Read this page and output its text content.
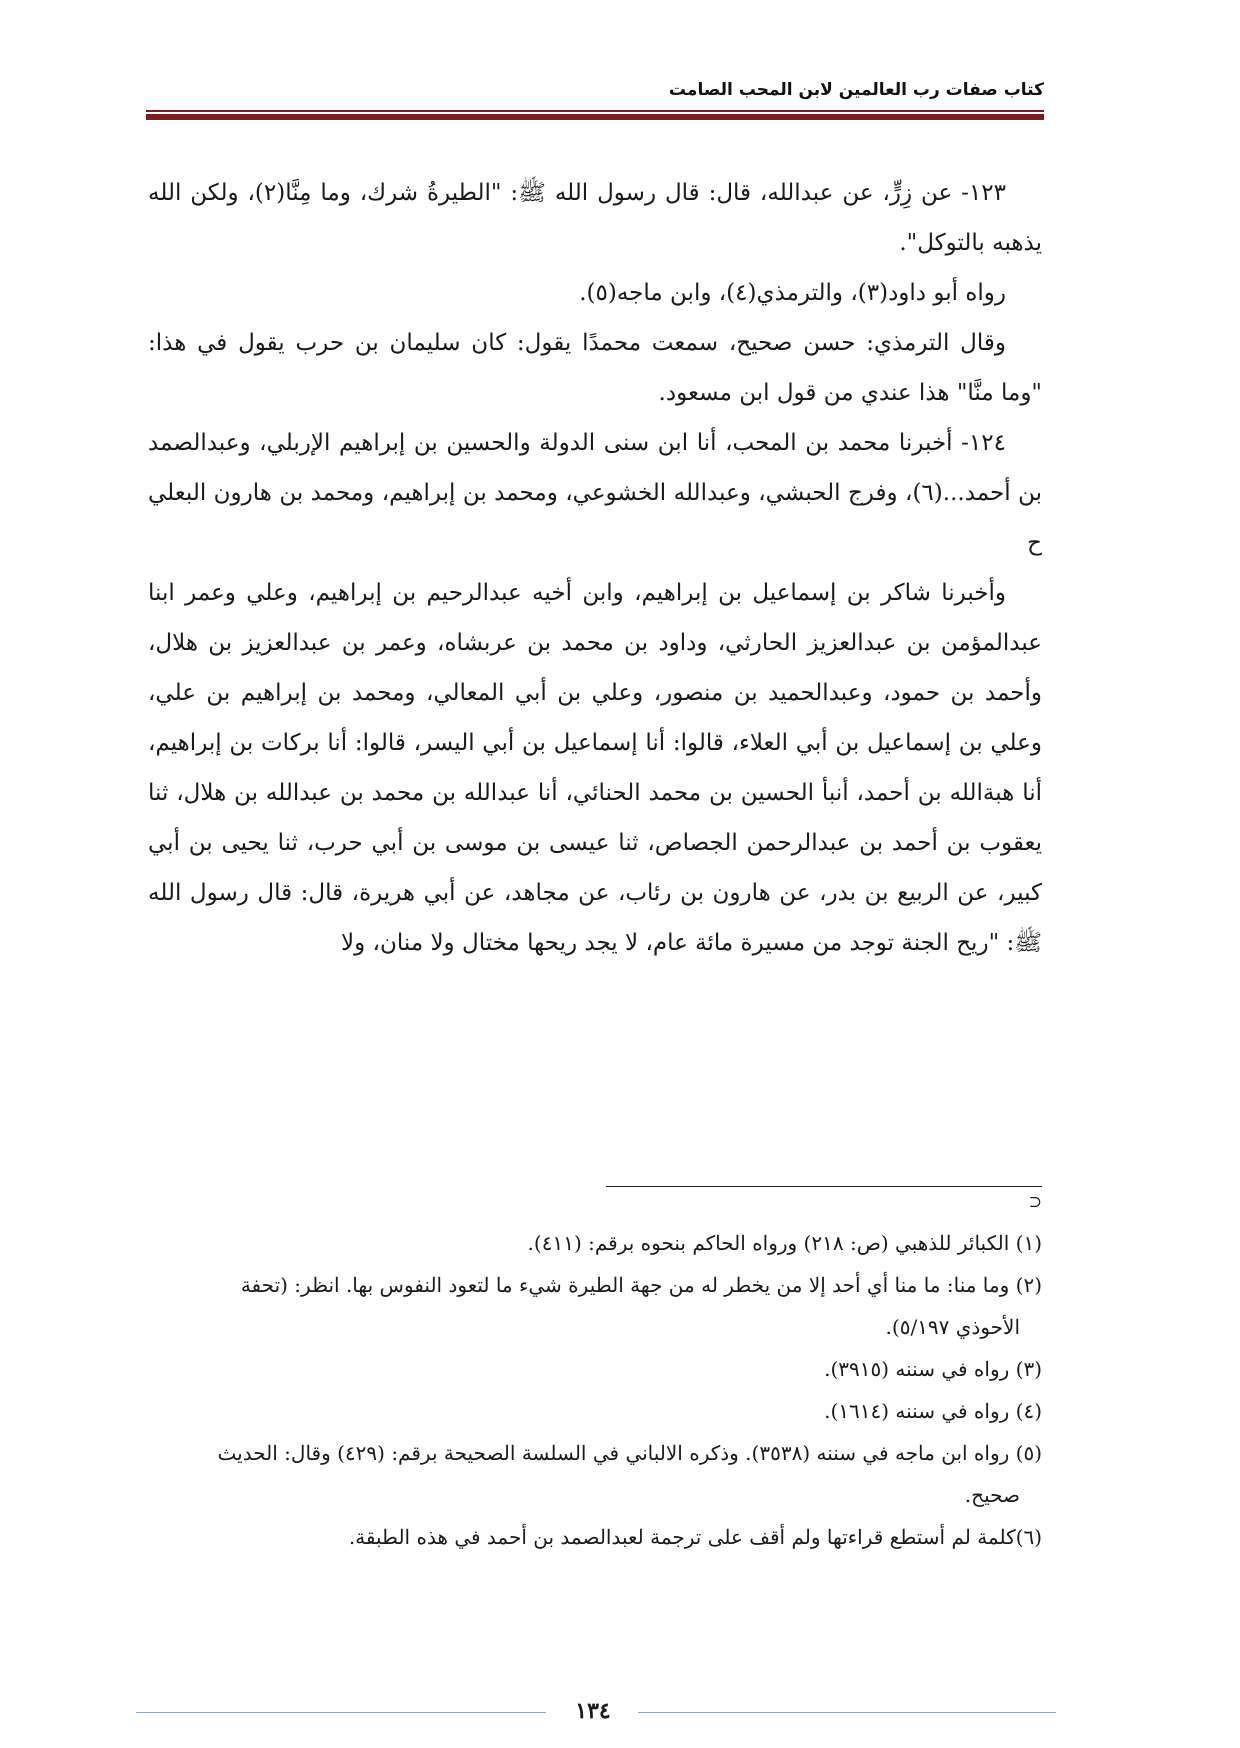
كتاب صفات رب العالمين لابن المحب الصامت

١٢٣- عن زِرٍّ، عن عبدالله، قال: قال رسول الله ﷺ: "الطيرةُ شرك، وما مِنَّا(٢)، ولكن الله يذهبه بالتوكل".

رواه أبو داود(٣)، والترمذي(٤)، وابن ماجه(٥).

وقال الترمذي: حسن صحيح، سمعت محمدًا يقول: كان سليمان بن حرب يقول في هذا: "وما منَّا" هذا عندي من قول ابن مسعود.

١٢٤- أخبرنا محمد بن المحب، أنا ابن سنى الدولة والحسين بن إبراهيم الإربلي، وعبدالصمد بن أحمد...(٦)، وفرج الحبشي، وعبدالله الخشوعي، ومحمد بن إبراهيم، ومحمد بن هارون البعلي ح

وأخبرنا شاكر بن إسماعيل بن إبراهيم، وابن أخيه عبدالرحيم بن إبراهيم، وعلي وعمر ابنا عبدالمؤمن بن عبدالعزيز الحارثي، وداود بن محمد بن عربشاه، وعمر بن عبدالعزيز بن هلال، وأحمد بن حمود، وعبدالحميد بن منصور، وعلي بن أبي المعالي، ومحمد بن إبراهيم بن علي، وعلي بن إسماعيل بن أبي العلاء، قالوا: أنا إسماعيل بن أبي اليسر، قالوا: أنا بركات بن إبراهيم، أنا هبةالله بن أحمد، أنبأ الحسين بن محمد الحنائي، أنا عبدالله بن محمد بن عبدالله بن هلال، ثنا يعقوب بن أحمد بن عبدالرحمن الجصاص، ثنا عيسى بن موسى بن أبي حرب، ثنا يحيى بن أبي كبير، عن الربيع بن بدر، عن هارون بن رئاب، عن مجاهد، عن أبي هريرة، قال: قال رسول الله ﷺ: "ريح الجنة توجد من مسيرة مائة عام، لا يجد ريحها مختال ولا منان، ولا

⊃

(١) الكبائر للذهبي (ص: ٢١٨) ورواه الحاكم بنحوه برقم: (٤١١).

(٢) وما منا: ما منا أي أحد إلا من يخطر له من جهة الطيرة شيء ما لتعود النفوس بها. انظر: (تحفة

الأحوذي ٥/١٩٧).

(٣) رواه في سننه (٣٩١٥).

(٤) رواه في سننه (١٦١٤).

(٥) رواه ابن ماجه في سننه (٣٥٣٨). وذكره الالباني في السلسة الصحيحة برقم: (٤٢٩) وقال: الحديث

صحيح.

(٦)كلمة لم أستطع قراءتها ولم أقف على ترجمة لعبدالصمد بن أحمد في هذه الطبقة.

١٣٤
